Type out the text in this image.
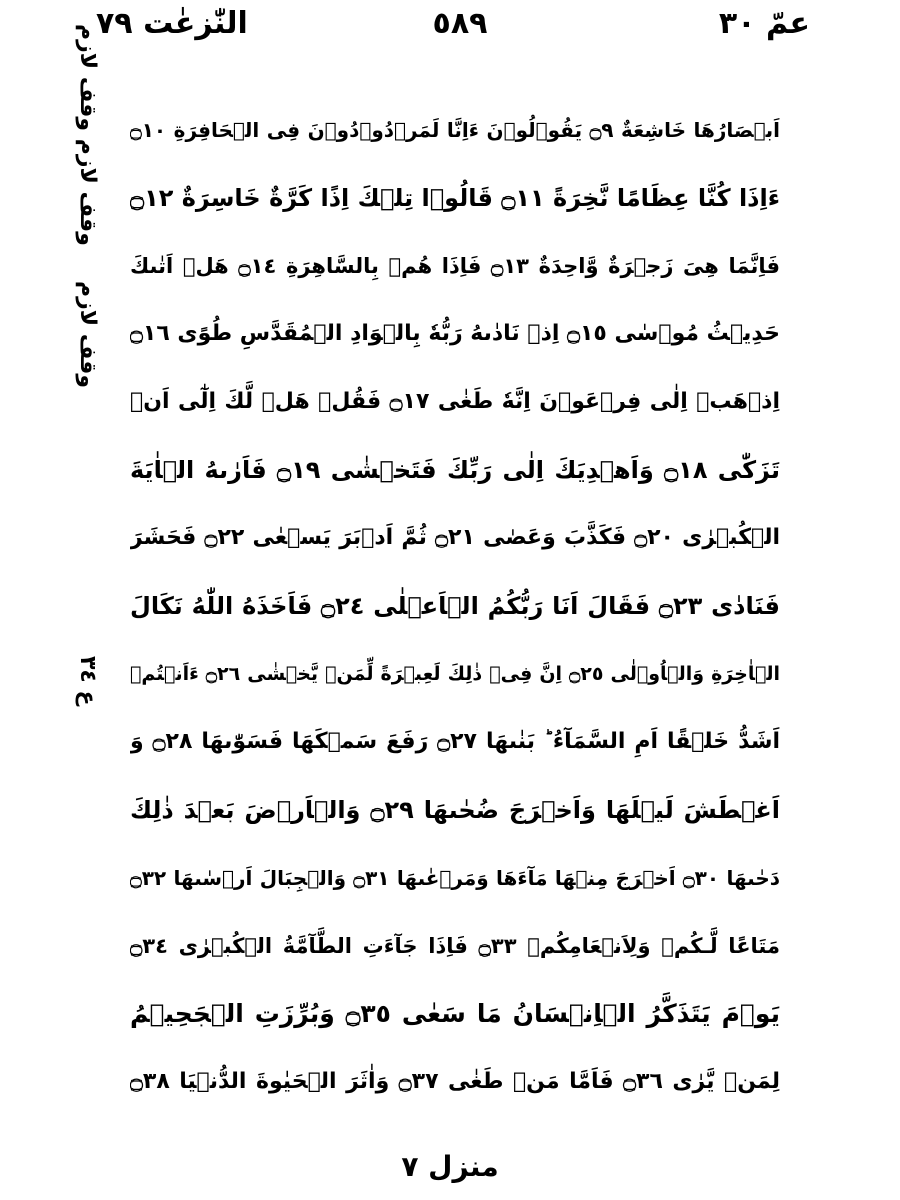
النّٰزعٰت ٧٩	٥٨٩	عمّ ٣٠
وقف لازم وقف لازم
وقف لازم
ع ٣٤
اَبۡصَارُهَا خَاشِعَةٌ ۝٩ يَقُوۡلُوۡنَ ءَاِنَّا لَمَرۡدُوۡدُوۡنَ فِى الۡحَافِرَةِ ۝١٠
ءَاِذَا كُنَّا عِظَامًا نَّخِرَةً ۝١١ قَالُوۡا تِلۡكَ اِذًا كَرَّةٌ خَاسِرَةٌ ۝١٢
فَاِنَّمَا هِىَ زَجۡرَةٌ وَّاحِدَةٌ ۝١٣ فَاِذَا هُمۡ بِالسَّاهِرَةِ ۝١٤ هَلۡ اَتٰٮكَ
حَدِيۡثُ مُوۡسٰى ۝١٥ اِذۡ نَادٰٮهُ رَبُّهٗ بِالۡوَادِ الۡمُقَدَّسِ طُوًى ۝١٦
اِذۡهَبۡ اِلٰى فِرۡعَوۡنَ اِنَّهٗ طَغٰى ۝١٧ فَقُلۡ هَلۡ لَّكَ اِلٰٓى اَنۡ
تَزَكّٰى ۝١٨ وَاَهۡدِيَكَ اِلٰى رَبِّكَ فَتَخۡشٰى ۝١٩ فَاَرٰٮهُ الۡاٰيَةَ
الۡكُبۡرٰى ۝٢٠ فَكَذَّبَ وَعَصٰى ۝٢١ ثُمَّ اَدۡبَرَ يَسۡعٰى ۝٢٢ فَحَشَرَ
فَنَادٰى ۝٢٣ فَقَالَ اَنَا رَبُّكُمُ الۡاَعۡلٰى ۝٢٤ فَاَخَذَهُ اللّٰهُ نَكَالَ
الۡاٰخِرَةِ وَالۡاُوۡلٰى ۝٢٥ اِنَّ فِىۡ ذٰلِكَ لَعِبۡرَةً لِّمَنۡ يَّخۡشٰى ۝٢٦ ءَاَنۡتُمۡ
اَشَدُّ خَلۡقًا اَمِ السَّمَآءُ ؕ بَنٰٮهَا ۝٢٧ رَفَعَ سَمۡكَهَا فَسَوّٰٮهَا ۝٢٨ وَ
اَغۡطَشَ لَيۡلَهَا وَاَخۡرَجَ ضُحٰٮهَا ۝٢٩ وَالۡاَرۡضَ بَعۡدَ ذٰلِكَ
دَحٰٮهَا ۝٣٠ اَخۡرَجَ مِنۡهَا مَآءَهَا وَمَرۡعٰٮهَا ۝٣١ وَالۡجِبَالَ اَرۡسٰٮهَا ۝٣٢
مَتَاعًا لَّـكُمۡ وَلِاَنۡعَامِكُمۡ ۝٣٣ فَاِذَا جَآءَتِ الطَّآمَّةُ الۡكُبۡرٰى ۝٣٤
يَوۡمَ يَتَذَكَّرُ الۡاِنۡسَانُ مَا سَعٰى ۝٣٥ وَبُرِّزَتِ الۡجَحِيۡمُ
لِمَنۡ يَّرٰى ۝٣٦ فَاَمَّا مَنۡ طَغٰى ۝٣٧ وَاٰثَرَ الۡحَيٰوةَ الدُّنۡيَا ۝٣٨
منزل ٧
